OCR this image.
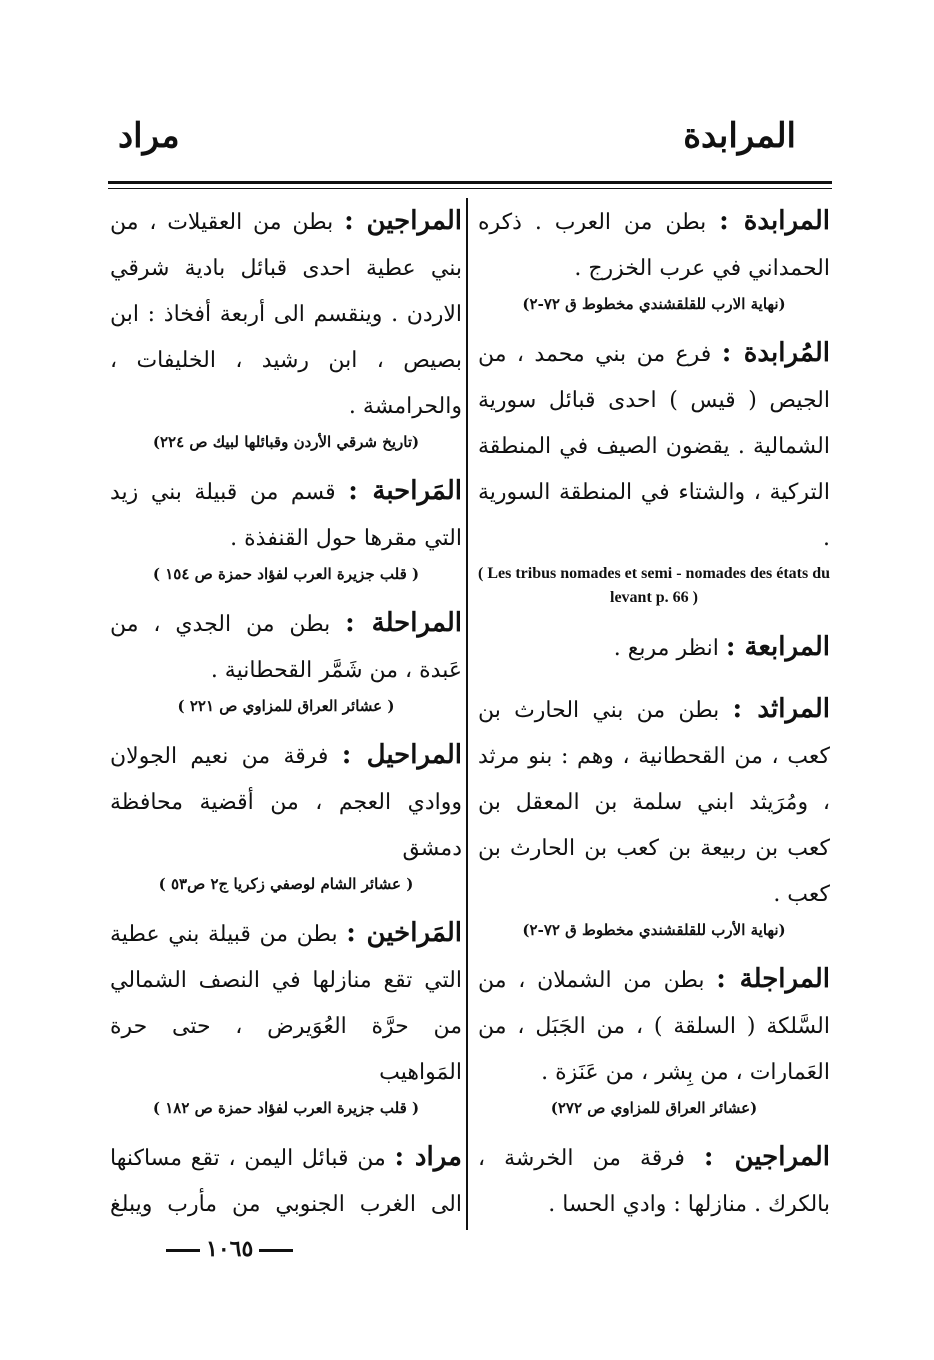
المرابدة
مراد

المرابدة : بطن من العرب . ذكره الحمداني في عرب الخزرج .

(نهاية الارب للقلقشندي مخطوط ق ٧٢-٢)

المُرابدة : فرع من بني محمد ، من الجيص ( قيس ) احدى قبائل سورية الشمالية . يقضون الصيف في المنطقة التركية ، والشتاء في المنطقة السورية .

( Les tribus nomades et semi - nomades des états du levant p. 66 )

المرابعة : انظر مربع .

المراثد : بطن من بني الحارث بن كعب ، من القحطانية ، وهم : بنو مرثد ، ومُرَيثد ابني سلمة بن المعقل بن كعب بن ربيعة بن كعب بن الحارث بن كعب .

(نهاية الأرب للقلقشندي مخطوط ق ٧٢-٢)

المراجلة : بطن من الشملان ، من السَّلكة ( السلقة ) ، من الجَبَل ، من العَمارات ، من بِشر ، من عَنَزة .

(عشائر العراق للمزاوي ص ٢٧٢)

المراجين : فرقة من الخرشة ، بالكرك . منازلها : وادي الحسا .

المراجين : بطن من العقيلات ، من بني عطية احدى قبائل بادية شرقي الاردن . وينقسم الى أربعة أفخاذ : ابن بصيص ، ابن رشيد ، الخليفات ، والحرامشة .

(تاريخ شرقي الأردن وقبائلها لبيك ص ٢٢٤)

المَراحبة : قسم من قبيلة بني زيد التي مقرها حول القنفذة .

( قلب جزيرة العرب لفؤاد حمزة ص ١٥٤ )

المراحلة : بطن من الجدي ، من عَبدة ، من شَمَّر القحطانية .

( عشائر العراق للمزاوي ص ٢٢١ )

المراحيل : فرقة من نعيم الجولان ووادي العجم ، من أقضية محافظة دمشق

( عشائر الشام لوصفي زكريا ج٢ ص٥٣ )

المَراخين : بطن من قبيلة بني عطية التي تقع منازلها في النصف الشمالي من حرَّة العُوَيرض ، حتى حرة المَواهيب

( قلب جزيرة العرب لفؤاد حمزة ص ١٨٢ )

مراد : من قبائل اليمن ، تقع مساكنها الى الغرب الجنوبي من مأرب ويبلغ

١٠٦٥
